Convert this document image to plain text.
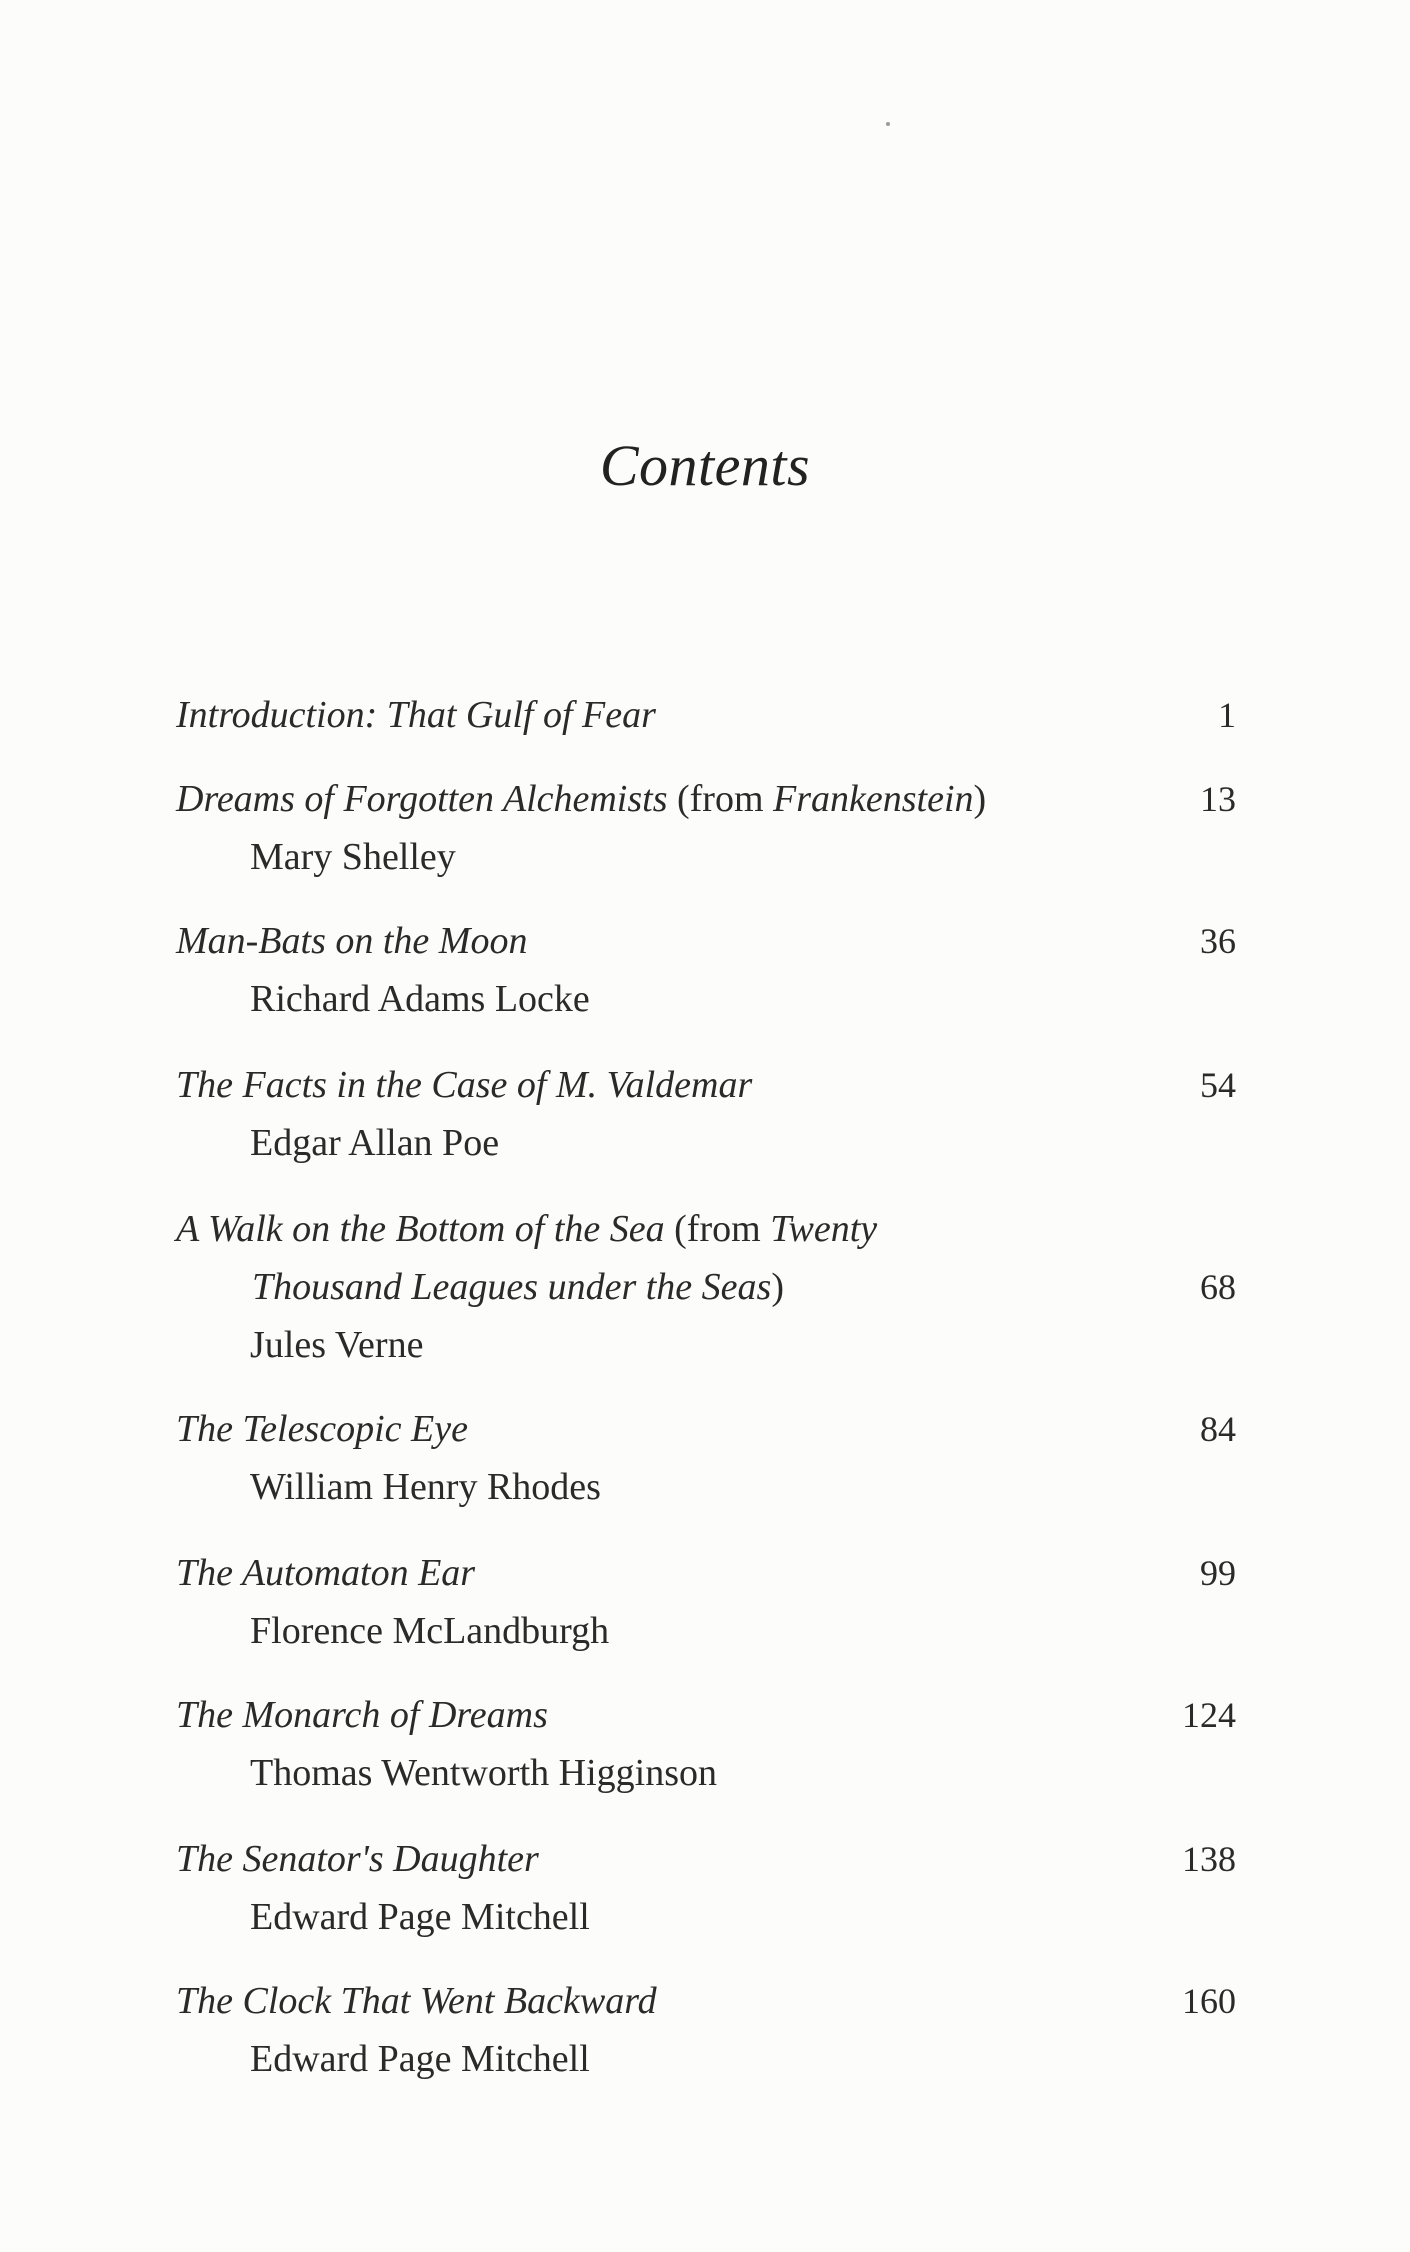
Contents
Introduction: That Gulf of Fear	1
Dreams of Forgotten Alchemists (from Frankenstein)	13
Mary Shelley
Man-Bats on the Moon	36
Richard Adams Locke
The Facts in the Case of M. Valdemar	54
Edgar Allan Poe
A Walk on the Bottom of the Sea (from Twenty
Thousand Leagues under the Seas)	68
Jules Verne
The Telescopic Eye	84
William Henry Rhodes
The Automaton Ear	99
Florence McLandburgh
The Monarch of Dreams	124
Thomas Wentworth Higginson
The Senator's Daughter	138
Edward Page Mitchell
The Clock That Went Backward	160
Edward Page Mitchell
